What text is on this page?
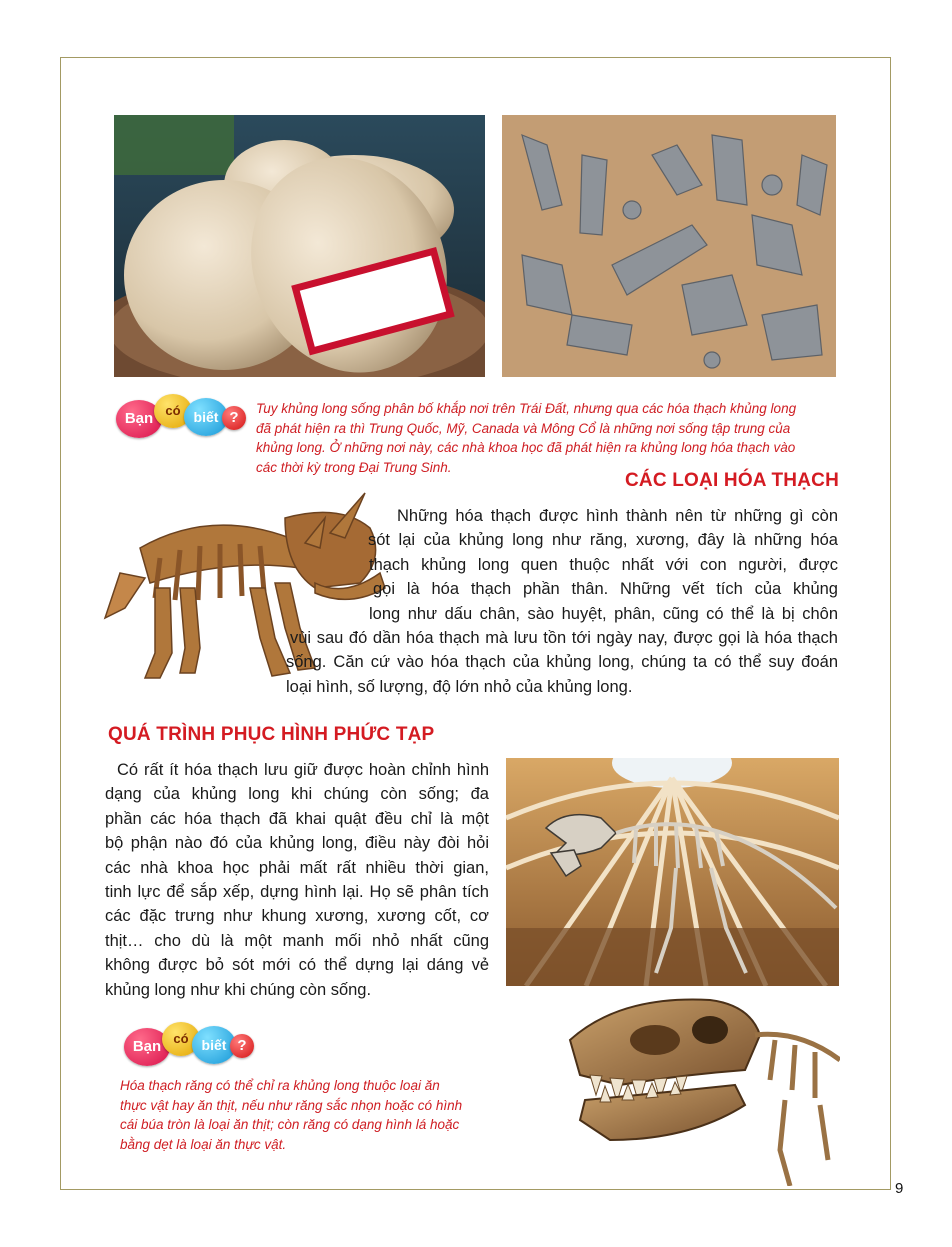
Bạn có biết ?
Tuy khủng long sống phân bố khắp nơi trên Trái Đất, nhưng qua các hóa thạch khủng long
đã phát hiện ra thì Trung Quốc, Mỹ, Canada và Mông Cổ là những nơi sống tập trung của
khủng long. Ở những nơi này, các nhà khoa học đã phát hiện ra khủng long hóa thạch vào
các thời kỳ trong Đại Trung Sinh.
CÁC LOẠI HÓA THẠCH
Những hóa thạch được hình thành nên từ những gì còn
sót lại của khủng long như răng, xương, đây là những hóa
thạch khủng long quen thuộc nhất với con người, được
gọi là hóa thạch phần thân. Những vết tích của khủng
long như dấu chân, sào huyệt, phân, cũng có thể là bị chôn
vùi sau đó dần hóa thạch mà lưu tồn tới ngày nay, được gọi là hóa thạch
sống. Căn cứ vào hóa thạch của khủng long, chúng ta có thể suy đoán
loại hình, số lượng, độ lớn nhỏ của khủng long.
QUÁ TRÌNH PHỤC HÌNH PHỨC TẠP
Có rất ít hóa thạch lưu giữ được hoàn chỉnh hình
dạng của khủng long khi chúng còn sống; đa
phần các hóa thạch đã khai quật đều chỉ là một
bộ phận nào đó của khủng long, điều này đòi hỏi
các nhà khoa học phải mất rất nhiều thời gian,
tinh lực để sắp xếp, dựng hình lại. Họ sẽ phân tích
các đặc trưng như khung xương, xương cốt, cơ
thịt… cho dù là một manh mối nhỏ nhất cũng
không được bỏ sót mới có thể dựng lại dáng vẻ
khủng long như khi chúng còn sống.
Bạn có biết ?
Hóa thạch răng có thể chỉ ra khủng long thuộc loại ăn
thực vật hay ăn thịt, nếu như răng sắc nhọn hoặc có hình
cái búa tròn là loại ăn thịt; còn răng có dạng hình lá hoặc
bằng dẹt là loại ăn thực vật.
9
